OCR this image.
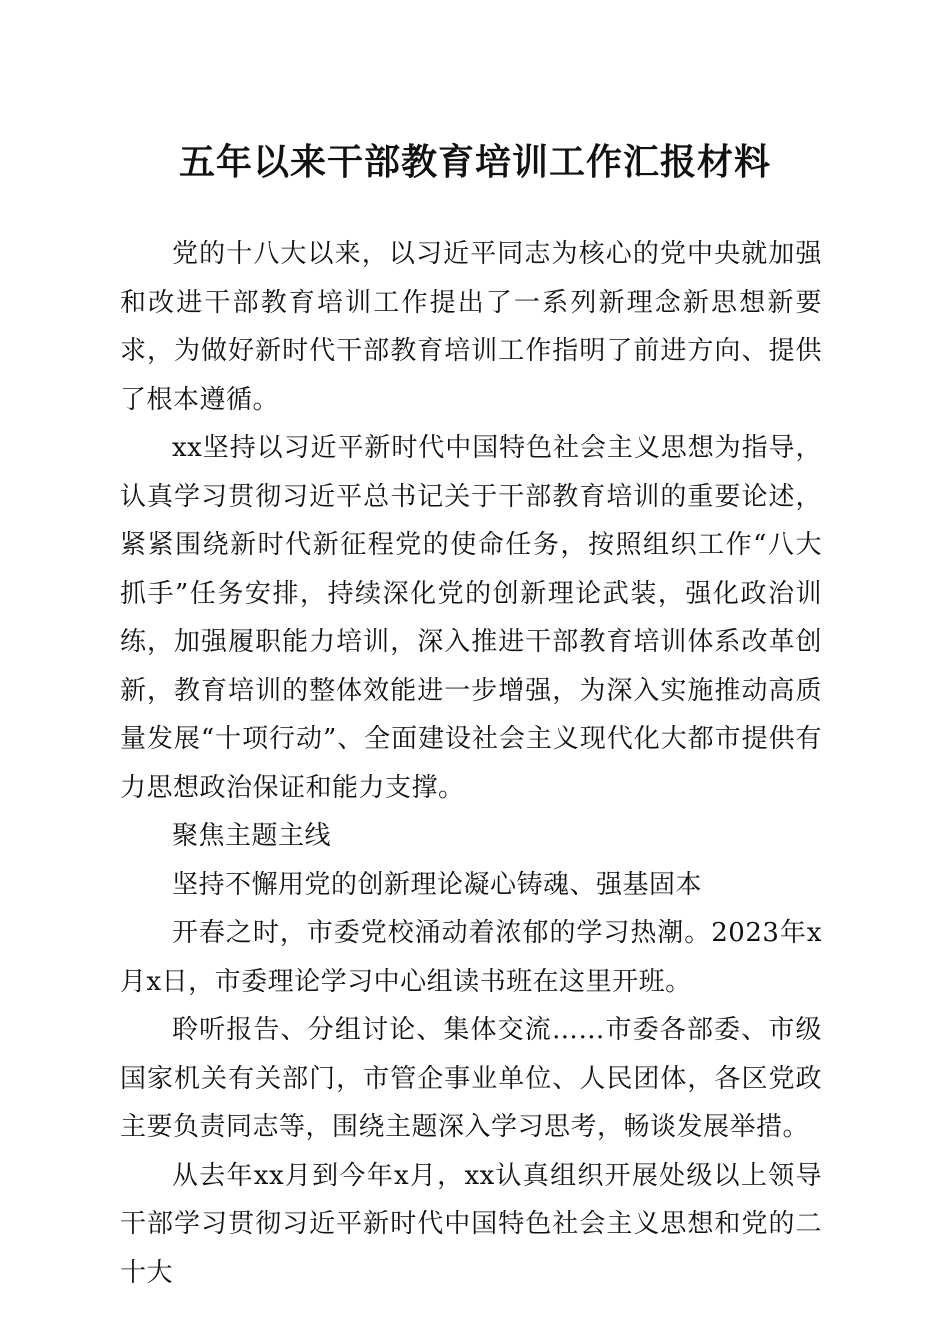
五年以来干部教育培训工作汇报材料

党的十八大以来，以习近平同志为核心的党中央就加强和改进干部教育培训工作提出了一系列新理念新思想新要求，为做好新时代干部教育培训工作指明了前进方向、提供了根本遵循。

xx坚持以习近平新时代中国特色社会主义思想为指导，认真学习贯彻习近平总书记关于干部教育培训的重要论述，紧紧围绕新时代新征程党的使命任务，按照组织工作“八大抓手”任务安排，持续深化党的创新理论武装，强化政治训练，加强履职能力培训，深入推进干部教育培训体系改革创新，教育培训的整体效能进一步增强，为深入实施推动高质量发展“十项行动”、全面建设社会主义现代化大都市提供有力思想政治保证和能力支撑。

聚焦主题主线

坚持不懈用党的创新理论凝心铸魂、强基固本

开春之时，市委党校涌动着浓郁的学习热潮。2023年x月x日，市委理论学习中心组读书班在这里开班。

聆听报告、分组讨论、集体交流……市委各部委、市级国家机关有关部门，市管企事业单位、人民团体，各区党政主要负责同志等，围绕主题深入学习思考，畅谈发展举措。

从去年xx月到今年x月，xx认真组织开展处级以上领导干部学习贯彻习近平新时代中国特色社会主义思想和党的二十大
